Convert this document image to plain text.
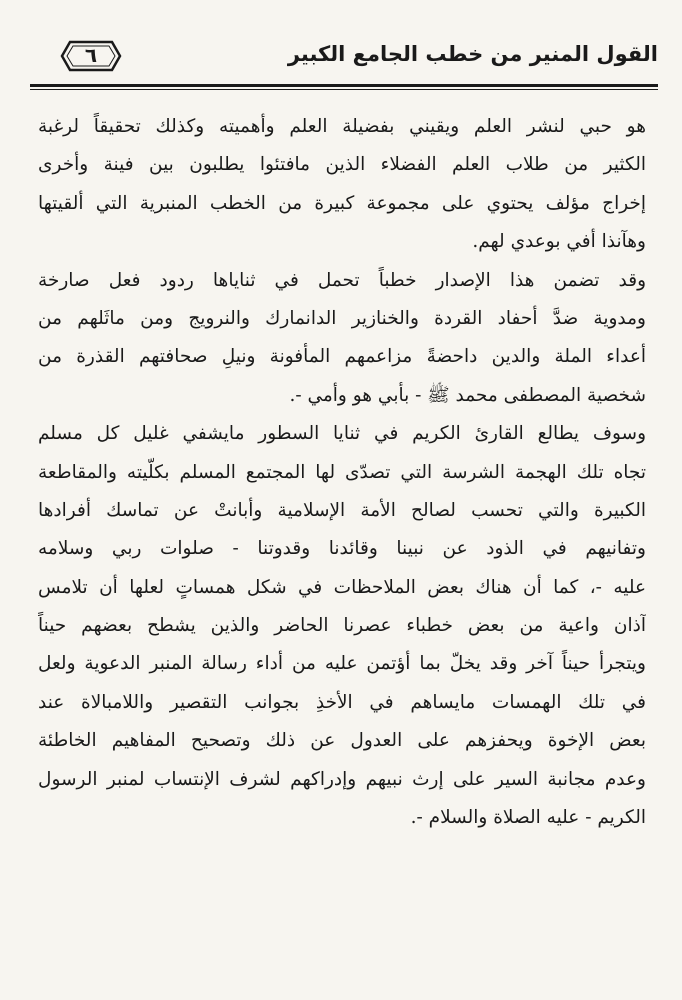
٦	القول المنير من خطب الجامع الكبير
هو حبي لنشر العلم ويقيني بفضيلة العلم وأهميته وكذلك تحقيقاً لرغبة
الكثير من طلاب العلم الفضلاء الذين مافتئوا يطلبون بين فينة وأخرى
إخراج مؤلف يحتوي على مجموعة كبيرة من الخطب المنبرية التي ألقيتها
وهآنذا أفي بوعدي لهم.
وقد تضمن هذا الإصدار خطباً تحمل في ثناياها ردود فعل صارخة
ومدوية ضدَّ أحفاد القردة والخنازير الدانمارك والنرويج ومن ماثَلهم من
أعداء الملة والدين داحضةً مزاعمهم المأفونة ونيلِ صحافتهم القذرة من
شخصية المصطفى محمد ﷺ - بأبي هو وأمي -.
وسوف يطالع القارئ الكريم في ثنايا السطور مايشفي غليل كل مسلم
تجاه تلك الهجمة الشرسة التي تصدّى لها المجتمع المسلم بكلّيته والمقاطعة
الكبيرة والتي تحسب لصالح الأمة الإسلامية وأبانتْ عن تماسك أفرادها
وتفانيهم في الذود عن نبينا وقائدنا وقدوتنا - صلوات ربي وسلامه
عليه -، كما أن هناك بعض الملاحظات في شكل همساتٍ لعلها أن تلامس
آذان واعية من بعض خطباء عصرنا الحاضر والذين يشطح بعضهم حيناً
ويتجرأ حيناً آخر وقد يخلّ بما أؤتمن عليه من أداء رسالة المنبر الدعوية ولعل
في تلك الهمسات مايساهم في الأخذِ بجوانب التقصير واللامبالاة عند
بعض الإخوة ويحفزهم على العدول عن ذلك وتصحيح المفاهيم الخاطئة
وعدم مجانبة السير على إرث نبيهم وإدراكهم لشرف الإنتساب لمنبر الرسول
الكريم - عليه الصلاة والسلام -.
